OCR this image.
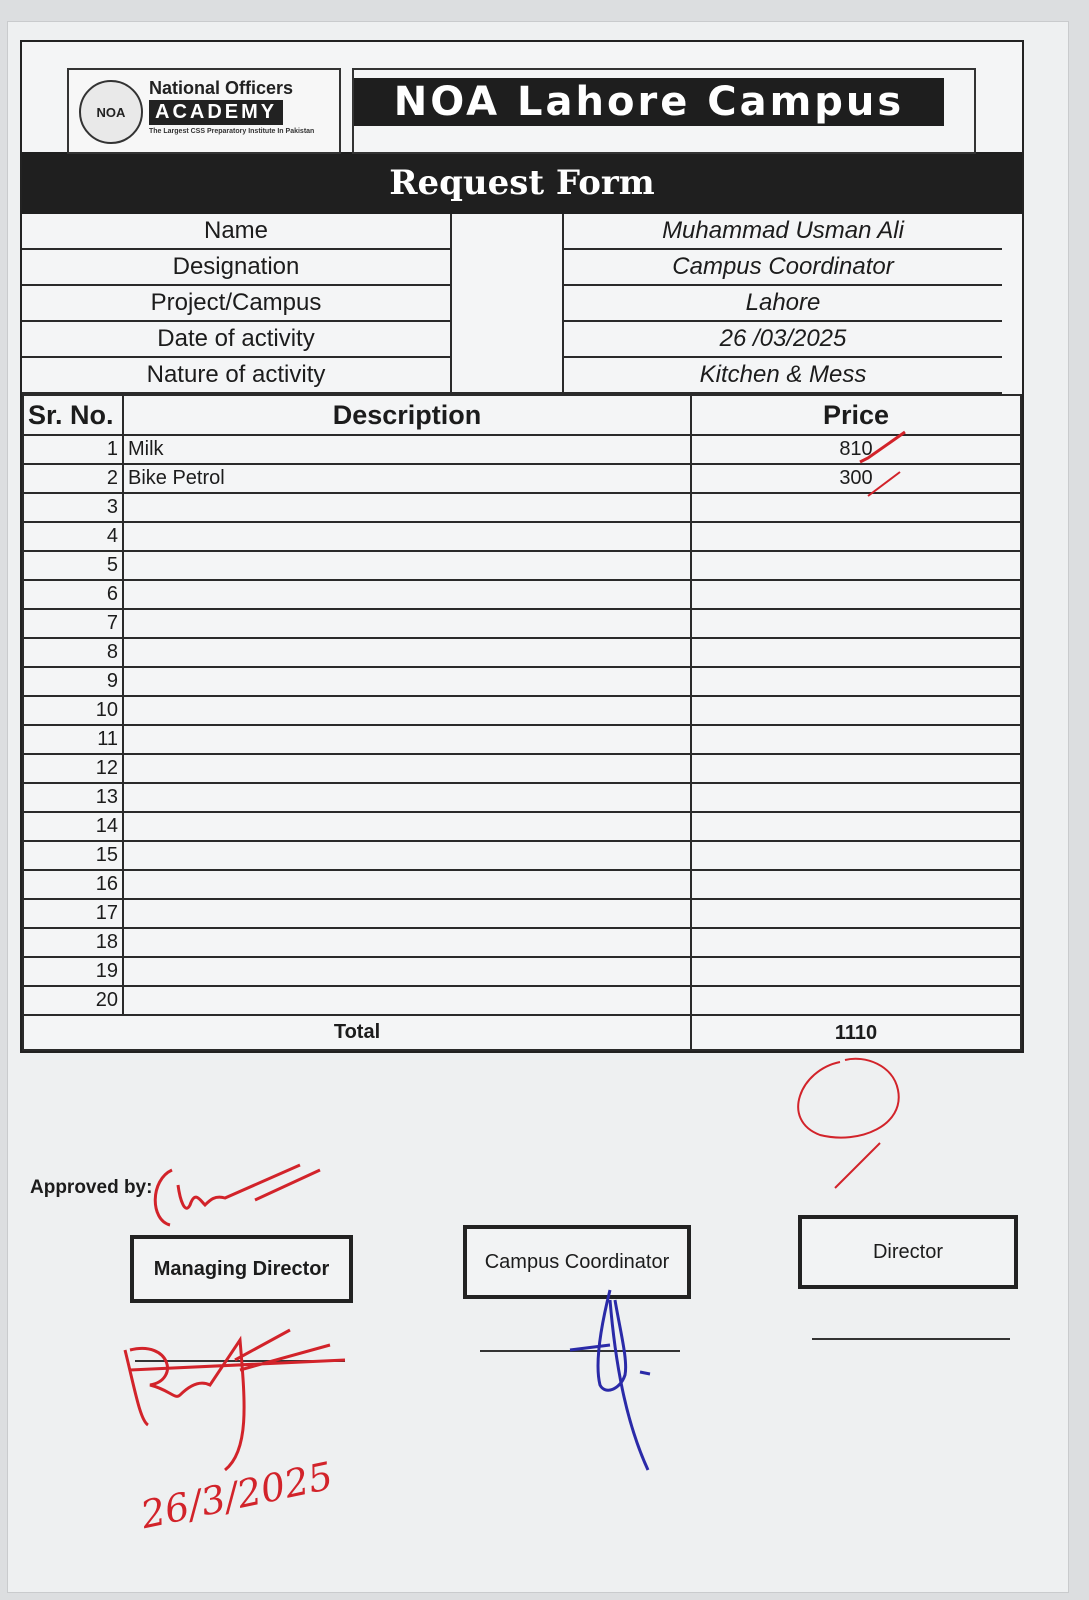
NOA
National Officers
ACADEMY
The Largest CSS Preparatory Institute In Pakistan
NOA Lahore Campus
Request Form
Name	Muhammad Usman Ali
Designation	Campus Coordinator
Project/Campus	Lahore
Date of activity	26 /03/2025
Nature of activity	Kitchen & Mess
Sr. No.	Description	Price
1	Milk	810
2	Bike Petrol	300
3		
4		
5		
6		
7		
8		
9		
10		
11		
12		
13		
14		
15		
16		
17		
18		
19		
20		
Total		1110
Approved by:
Managing Director	Campus Coordinator	Director
26/3/2025
